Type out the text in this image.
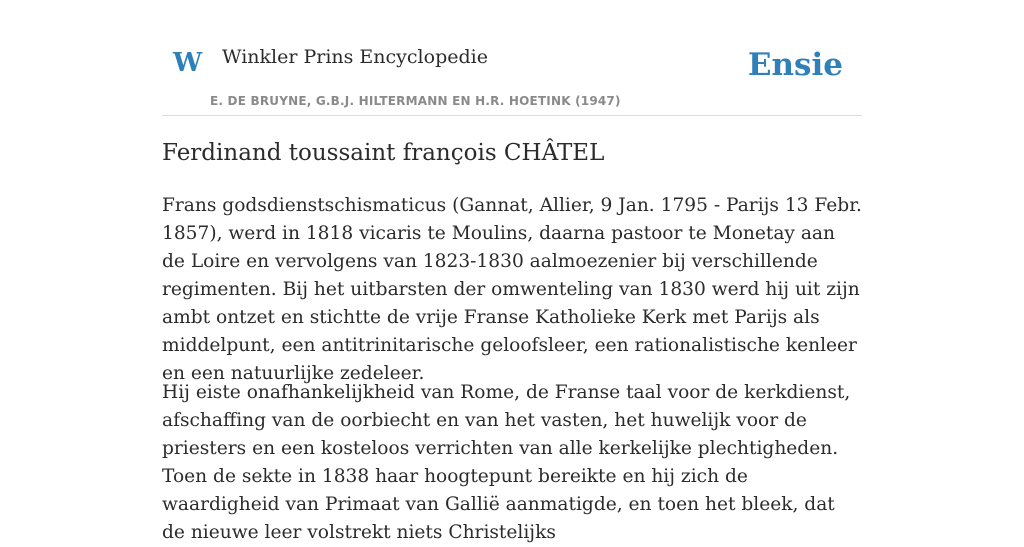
W Winkler Prins Encyclopedie
E. DE BRUYNE, G.B.J. HILTERMANN EN H.R. HOETINK (1947)
Ensie
Ferdinand toussaint françois CHÂTEL

Frans godsdienstschismaticus (Gannat, Allier, 9 Jan. 1795 - Parijs 13 Febr. 1857), werd in 1818 vicaris te Moulins, daarna pastoor te Monetay aan de Loire en vervolgens van 1823-1830 aalmoezenier bij verschillende regimenten. Bij het uitbarsten der omwenteling van 1830 werd hij uit zijn ambt ontzet en stichtte de vrije Franse Katholieke Kerk met Parijs als middelpunt, een antitrinitarische geloofsleer, een rationalistische kenleer en een natuurlijke zedeleer.

Hij eiste onafhankelijkheid van Rome, de Franse taal voor de kerkdienst, afschaffing van de oorbiecht en van het vasten, het huwelijk voor de priesters en een kosteloos verrichten van alle kerkelijke plechtigheden. Toen de sekte in 1838 haar hoogtepunt bereikte en hij zich de waardigheid van Primaat van Gallië aanmatigde, en toen het bleek, dat de nieuwe leer volstrekt niets Christelijks
